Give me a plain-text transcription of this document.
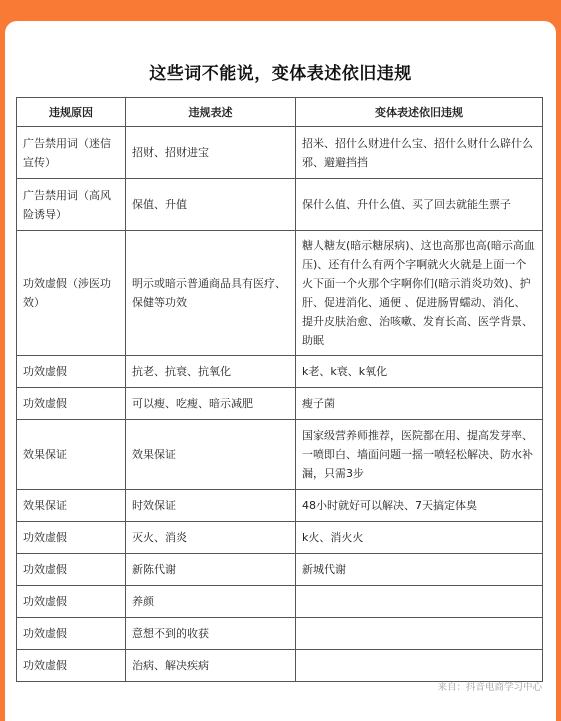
这些词不能说，变体表述依旧违规
违规原因	违规表述	变体表述依旧违规
广告禁用词（迷信宣传）	招财、招财进宝	招米、招什么财进什么宝、招什么财什么辟什么邪、避避挡挡
广告禁用词（高风险诱导）	保值、升值	保什么值、升什么值、买了回去就能生票子
功效虚假（涉医功效）	明示或暗示普通商品具有医疗、保健等功效	糖人糖友(暗示糖尿病)、这也高那也高(暗示高血压)、还有什么有两个字啊就火火就是上面一个火下面一个火那个字啊你们(暗示消炎功效)、护肝、促进消化、通便 、促进肠胃蠕动、消化、提升皮肤治愈、治咳嗽、发育长高、医学背景、助眠
功效虚假	抗老、抗衰、抗氧化	k老、k衰、k氧化
功效虚假	可以瘦、吃瘦、暗示减肥	瘦子菌
效果保证	效果保证	国家级营养师推荐，医院都在用、提高发芽率、一喷即白、墙面问题一摇一喷轻松解决、防水补漏，只需3步
效果保证	时效保证	48小时就好可以解决、7天搞定体臭
功效虚假	灭火、消炎	k火、消火火
功效虚假	新陈代谢	新城代谢
功效虚假	养颜	
功效虚假	意想不到的收获	
功效虚假	治病、解决疾病	
来自：抖音电商学习中心
